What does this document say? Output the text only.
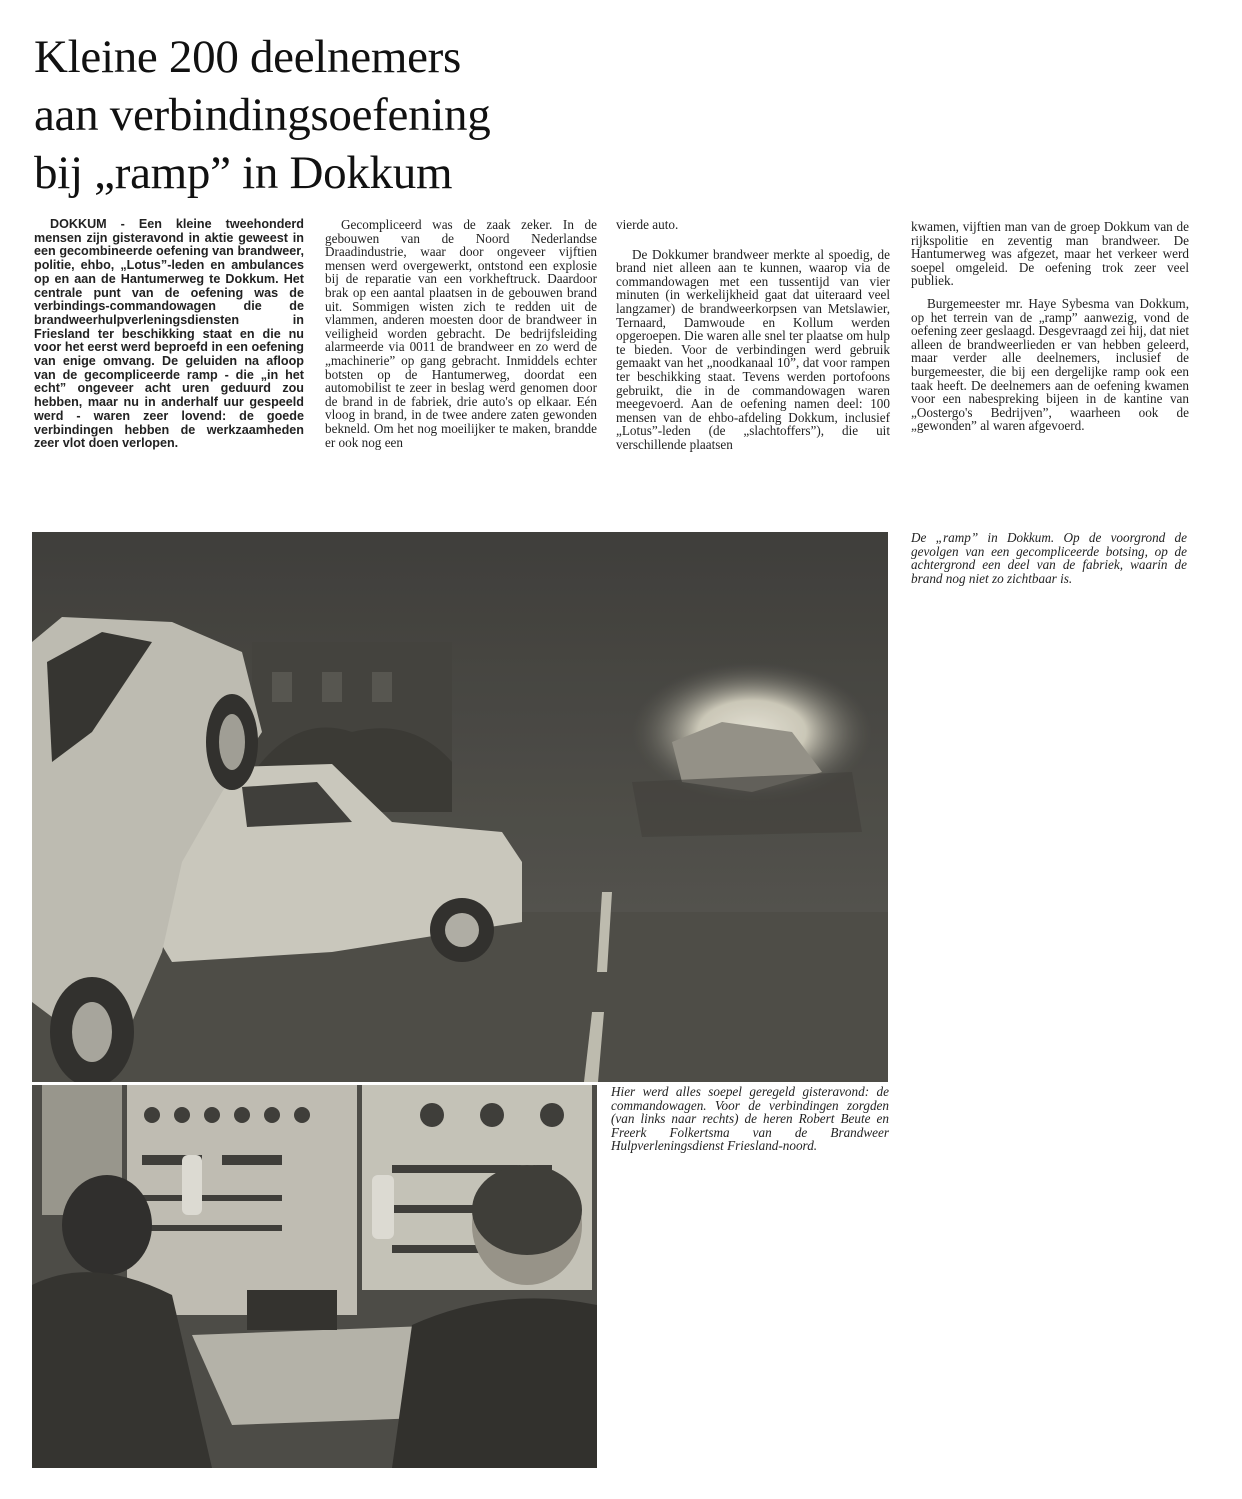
Kleine 200 deelnemers
aan verbindingsoefening
bij „ramp” in Dokkum

DOKKUM - Een kleine tweehonderd mensen zijn gisteravond in aktie geweest in een gecombineerde oefening van brandweer, politie, ehbo, „Lotus”-leden en ambulances op en aan de Hantumerweg te Dokkum. Het centrale punt van de oefening was de verbindings-commandowagen die de brandweerhulpverleningsdiensten in Friesland ter beschikking staat en die nu voor het eerst werd beproefd in een oefening van enige omvang. De geluiden na afloop van de gecompliceerde ramp - die „in het echt” ongeveer acht uren geduurd zou hebben, maar nu in anderhalf uur gespeeld werd - waren zeer lovend: de goede verbindingen hebben de werkzaamheden zeer vlot doen verlopen.

Gecompliceerd was de zaak zeker. In de gebouwen van de Noord Nederlandse Draadindustrie, waar door ongeveer vijftien mensen werd overgewerkt, ontstond een explosie bij de reparatie van een vorkheftruck. Daardoor brak op een aantal plaatsen in de gebouwen brand uit. Sommigen wisten zich te redden uit de vlammen, anderen moesten door de brandweer in veiligheid worden gebracht. De bedrijfsleiding alarmeerde via 0011 de brandweer en zo werd de „machinerie” op gang gebracht. Inmiddels echter botsten op de Hantumerweg, doordat een automobilist te zeer in beslag werd genomen door de brand in de fabriek, drie auto's op elkaar. Eén vloog in brand, in de twee andere zaten gewonden bekneld. Om het nog moeilijker te maken, brandde er ook nog een

vierde auto.

De Dokkumer brandweer merkte al spoedig, de brand niet alleen aan te kunnen, waarop via de commandowagen met een tussentijd van vier minuten (in werkelijkheid gaat dat uiteraard veel langzamer) de brandweerkorpsen van Metslawier, Ternaard, Damwoude en Kollum werden opgeroepen. Die waren alle snel ter plaatse om hulp te bieden. Voor de verbindingen werd gebruik gemaakt van het „noodkanaal 10”, dat voor rampen ter beschikking staat. Tevens werden portofoons gebruikt, die in de commandowagen waren meegevoerd. Aan de oefening namen deel: 100 mensen van de ehbo-afdeling Dokkum, inclusief „Lotus”-leden (de „slachtoffers”), die uit verschillende plaatsen

kwamen, vijftien man van de groep Dokkum van de rijkspolitie en zeventig man brandweer. De Hantumerweg was afgezet, maar het verkeer werd soepel omgeleid. De oefening trok zeer veel publiek.

Burgemeester mr. Haye Sybesma van Dokkum, op het terrein van de „ramp” aanwezig, vond de oefening zeer geslaagd. Desgevraagd zei hij, dat niet alleen de brandweerlieden er van hebben geleerd, maar verder alle deelnemers, inclusief de burgemeester, die bij een dergelijke ramp ook een taak heeft. De deelnemers aan de oefening kwamen voor een nabespreking bijeen in de kantine van „Oostergo's Bedrijven”, waarheen ook de „gewonden” al waren afgevoerd.

De „ramp” in Dokkum. Op de voorgrond de gevolgen van een gecompliceerde botsing, op de achtergrond een deel van de fabriek, waarin de brand nog niet zo zichtbaar is.
Hier werd alles soepel geregeld gisteravond: de commandowagen. Voor de verbindingen zorgden (van links naar rechts) de heren Robert Beute en Freerk Folkertsma van de Brandweer Hulpverleningsdienst Friesland-noord.
